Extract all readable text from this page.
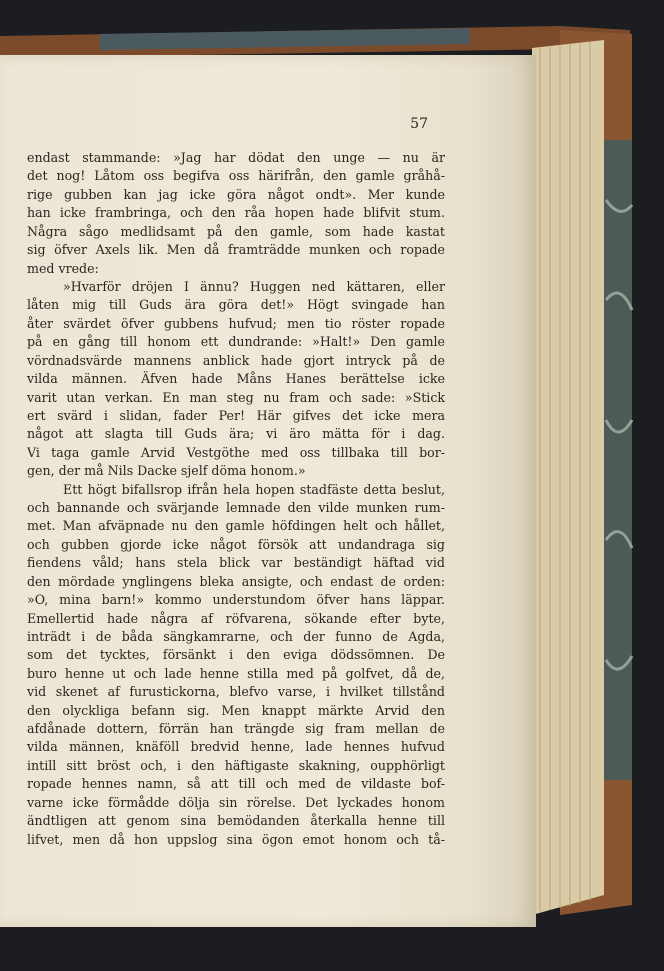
57
endast stammande: »Jag har dödat den unge — nu är
det nog! Låtom oss begifva oss härifrån, den gamle gråhå-
rige gubben kan jag icke göra något ondt». Mer kunde
han icke frambringa, och den råa hopen hade blifvit stum.
Några sågo medlidsamt på den gamle, som hade kastat
sig öfver Axels lik. Men då framträdde munken och ropade
med vrede:
»Hvarför dröjen I ännu? Huggen ned kättaren, eller
låten mig till Guds ära göra det!» Högt svingade han
åter svärdet öfver gubbens hufvud; men tio röster ropade
på en gång till honom ett dundrande: »Halt!» Den gamle
vördnadsvärde mannens anblick hade gjort intryck på de
vilda männen. Äfven hade Måns Hanes berättelse icke
varit utan verkan. En man steg nu fram och sade: »Stick
ert svärd i slidan, fader Per! Här gifves det icke mera
något att slagta till Guds ära; vi äro mätta för i dag.
Vi taga gamle Arvid Vestgöthe med oss tillbaka till bor-
gen, der må Nils Dacke sjelf döma honom.»
Ett högt bifallsrop ifrån hela hopen stadfäste detta beslut,
och bannande och svärjande lemnade den vilde munken rum-
met. Man afväpnade nu den gamle höfdingen helt och hållet,
och gubben gjorde icke något försök att undandraga sig
fiendens våld; hans stela blick var beständigt häftad vid
den mördade ynglingens bleka ansigte, och endast de orden:
»O, mina barn!» kommo understundom öfver hans läppar.
Emellertid hade några af röfvarena, sökande efter byte,
inträdt i de båda sängkamrarne, och der funno de Agda,
som det tycktes, försänkt i den eviga dödssömnen. De
buro henne ut och lade henne stilla med på golfvet, då de,
vid skenet af furustickorna, blefvo varse, i hvilket tillstånd
den olyckliga befann sig. Men knappt märkte Arvid den
afdånade dottern, förrän han trängde sig fram mellan de
vilda männen, knäföll bredvid henne, lade hennes hufvud
intill sitt bröst och, i den häftigaste skakning, oupphörligt
ropade hennes namn, så att till och med de vildaste bof-
varne icke förmådde dölja sin rörelse. Det lyckades honom
ändtligen att genom sina bemödanden återkalla henne till
lifvet, men då hon uppslog sina ögon emot honom och tå-
